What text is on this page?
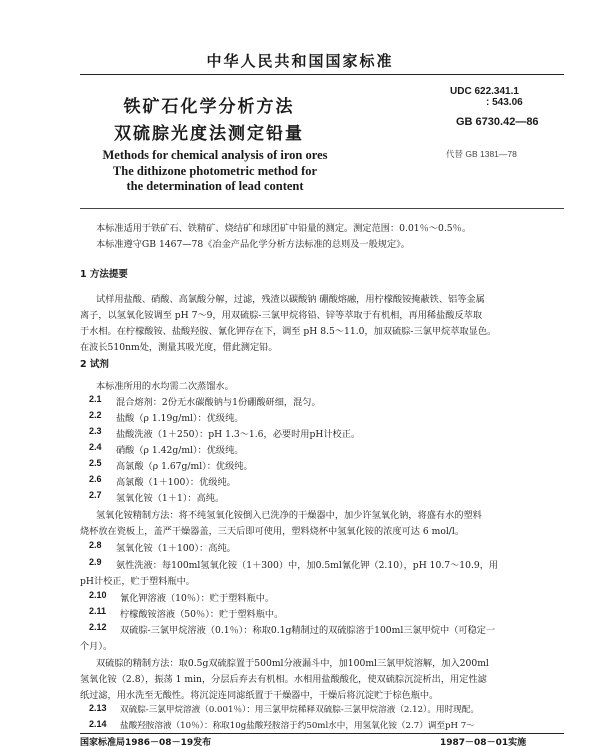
中华人民共和国国家标准
UDC 622.341.1
: 543.06
GB 6730.42—86
代替 GB 1381—78
铁矿石化学分析方法
双硫腙光度法测定铅量
Methods for chemical analysis of iron ores
The dithizone photometric method for
the determination of lead content
本标准适用于铁矿石、铁精矿、烧结矿和球团矿中铅量的测定。测定范围：0.01％～0.5％。
本标准遵守GB 1467—78《冶金产品化学分析方法标准的总则及一般规定》。
1 方法提要
试样用盐酸、硝酸、高氯酸分解，过滤，残渣以碳酸钠 硼酸熔融，用柠檬酸铵掩蔽铁、铝等金属
离子，以氢氧化铵调至 pH 7～9，用双硫腙-三氯甲烷将铅、锌等萃取于有机相，再用稀盐酸反萃取
于水相。在柠檬酸铵、盐酸羟胺、氰化钾存在下，调至 pH 8.5～11.0，加双硫腙-三氯甲烷萃取显色。
在波长510nm处，测量其吸光度，借此测定铅。
2 试剂
本标准所用的水均需二次蒸馏水。
2.1 混合熔剂：2份无水碳酸钠与1份硼酸研细，混匀。
2.2 盐酸（ρ 1.19g/ml）：优级纯。
2.3 盐酸洗液（1＋250）：pH 1.3～1.6，必要时用pH计校正。
2.4 硝酸（ρ 1.42g/ml）：优级纯。
2.5 高氯酸（ρ 1.67g/ml）：优级纯。
2.6 高氯酸（1＋100）：优级纯。
2.7 氢氧化铵（1＋1）：高纯。
氢氧化铵精制方法：将不纯氢氧化铵倒入已洗净的干燥器中，加少许氢氧化钠，将盛有水的塑料
烧杯放在瓷板上，盖严干燥器盖，三天后即可使用，塑料烧杯中氢氧化铵的浓度可达 6 mol/l。
2.8 氢氧化铵（1＋100）：高纯。
2.9 氨性洗液：每100ml氢氧化铵（1＋300）中，加0.5ml氰化钾（2.10），pH 10.7～10.9，用
pH计校正，贮于塑料瓶中。
2.10 氰化钾溶液（10％）：贮于塑料瓶中。
2.11 柠檬酸铵溶液（50％）：贮于塑料瓶中。
2.12 双硫腙-三氯甲烷溶液（0.1％）：称取0.1g精制过的双硫腙溶于100ml三氯甲烷中（可稳定一
个月）。
双硫腙的精制方法：取0.5g双硫腙置于500ml分液漏斗中，加100ml三氯甲烷溶解，加入200ml
氢氧化铵（2.8），振荡 1 min，分层后弃去有机相。水相用盐酸酸化，使双硫腙沉淀析出，用定性滤
纸过滤，用水洗至无酸性。将沉淀连同滤纸置于干燥器中，干燥后将沉淀贮于棕色瓶中。
2.13 双硫腙-三氯甲烷溶液（0.001％）：用三氯甲烷稀释双硫腙-三氯甲烷溶液（2.12）。用时现配。
2.14 盐酸羟胺溶液（10％）：称取10g盐酸羟胺溶于约50ml水中，用氢氧化铵（2.7）调至pH 7～
国家标准局1986－08－19发布	1987－08－01实施
